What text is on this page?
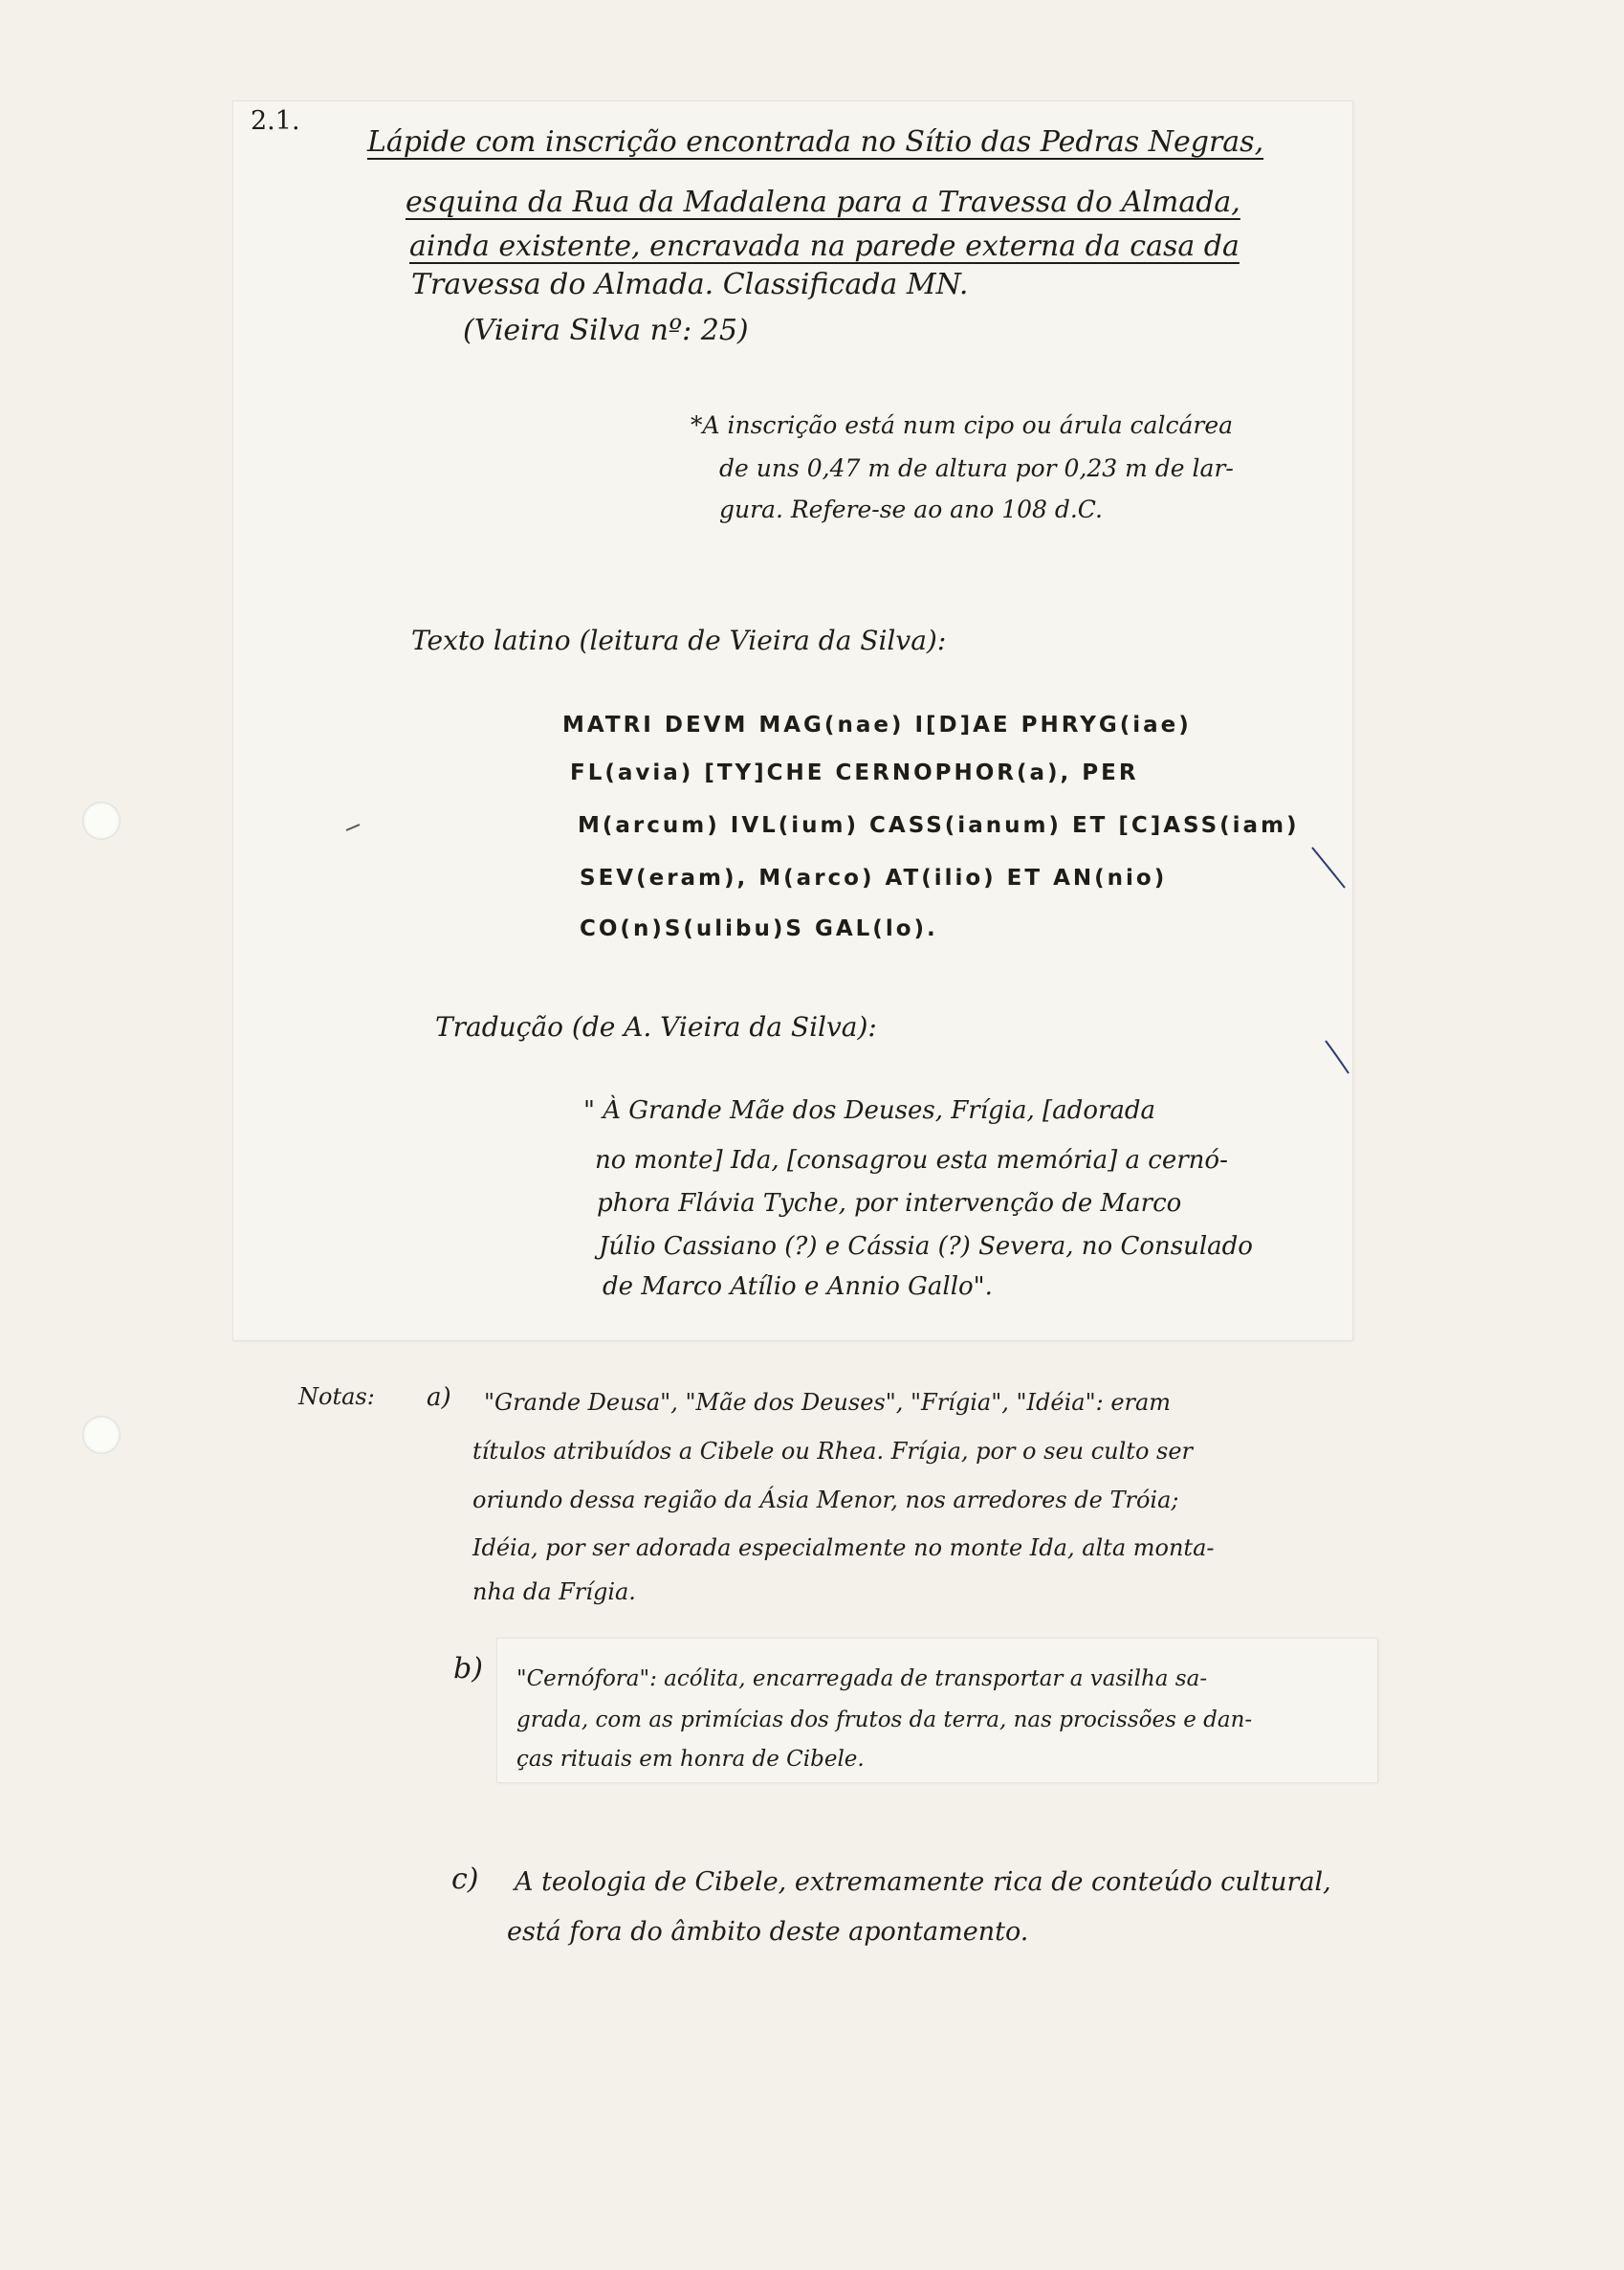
2.1.
Lápide com inscrição encontrada no Sítio das Pedras Negras,
esquina da Rua da Madalena para a Travessa do Almada,
ainda existente, encravada na parede externa da casa da
Travessa do Almada. Classificada MN.
(Vieira Silva nº: 25)
*A inscrição está num cipo ou árula calcárea
de uns 0,47 m de altura por 0,23 m de lar-
gura. Refere-se ao ano 108 d.C.
Texto latino (leitura de Vieira da Silva):
MATRI DEVM MAG(nae) I[D]AE PHRYG(iae)
FL(avia) [TY]CHE CERNOPHOR(a), PER
M(arcum) IVL(ium) CASS(ianum) ET [C]ASS(iam)
SEV(eram), M(arco) AT(ilio) ET AN(nio)
CO(n)S(ulibu)S GAL(lo).
Tradução (de A. Vieira da Silva):
" À Grande Mãe dos Deuses, Frígia, [adorada
no monte] Ida, [consagrou esta memória] a cernó-
phora Flávia Tyche, por intervenção de Marco
Júlio Cassiano (?) e Cássia (?) Severa, no Consulado
de Marco Atílio e Annio Gallo".
Notas: a) "Grande Deusa", "Mãe dos Deuses", "Frígia", "Idéia": eram
títulos atribuídos a Cibele ou Rhea. Frígia, por o seu culto ser
oriundo dessa região da Ásia Menor, nos arredores de Tróia;
Idéia, por ser adorada especialmente no monte Ida, alta monta-
nha da Frígia.
b) "Cernófora": acólita, encarregada de transportar a vasilha sa-
grada, com as primícias dos frutos da terra, nas procissões e dan-
ças rituais em honra de Cibele.
c) A teologia de Cibele, extremamente rica de conteúdo cultural,
está fora do âmbito deste apontamento.
